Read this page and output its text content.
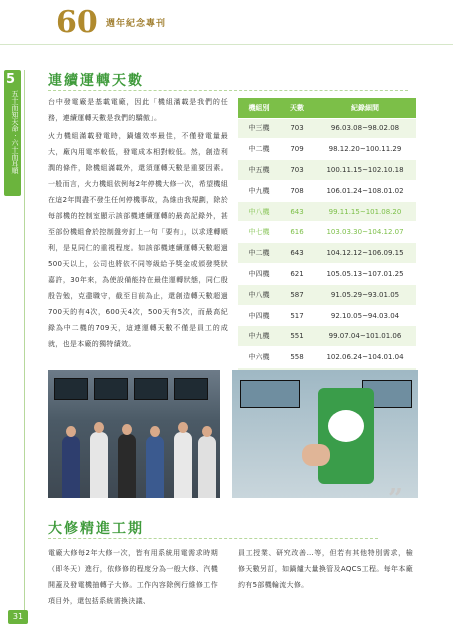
60 週年紀念專刊
5
五十而知天命 ‧ 六十而耳順
連續運轉天數

台中發電廠是基載電廠，因此「機組滿載是我們的任務，連續運轉天數是我們的驕傲」。

火力機組滿載發電時，鍋爐效率最佳，不僅發電量最大，廠內用電率較低，發電成本相對較低。然，創造利潤的條件，除機組滿載外，還須運轉天數是重要因素。一般而言，火力機組依例每2年停機大修一次，希望機組在這2年間盡不發生任何停機事故，為維由我規劃，除於每部機的控制室顯示該部機連續運轉的最高記錄外，甚至部份機組會於控制盤旁釘上一句「要有」，以求達轉順利，是見同仁的重視程度。如該部機連續運轉天數超過500天以上，公司也將依不同等級給予獎金或頒發獎狀嘉許，30年來，為使設備能持在最佳運轉狀態，同仁殷殷告勉，克盡職守，截至目前為止，還創造轉天數超過700天的有4次，600天4次，500天有5次，而最高紀錄為中二機的709天，這連運轉天數不僅是員工的成就，也是本廠的獨特績效。

機組別	天數	紀錄細間
中三機	703	96.03.08~98.02.08
中二機	709	98.12.20~100.11.29
中五機	703	100.11.15~102.10.18
中九機	708	106.01.24~108.01.02
中八機	643	99.11.15~101.08.20
中七機	616	103.03.30~104.12.07
中二機	643	104.12.12~106.09.15
中四機	621	105.05.13~107.01.25
中八機	587	91.05.29~93.01.05
中四機	517	92.10.05~94.03.04
中九機	551	99.07.04~101.01.06
中六機	558	102.06.24~104.01.04

大修精進工期
”

電廠大修每2年大修一次，皆有用系統用電需求時期（即冬天）進行，依修修的程度分為一般大修、汽機開蓋及發電機抽轉子大修。工作內容除例行維修工作項目外，還包括系統需換決議、

員工授業、研究改善…等，但若有其他特別需求，檢修天數另訂，如鍋爐大量換管及AQCS工程。每年本廠約有5部機輪流大修。

31
